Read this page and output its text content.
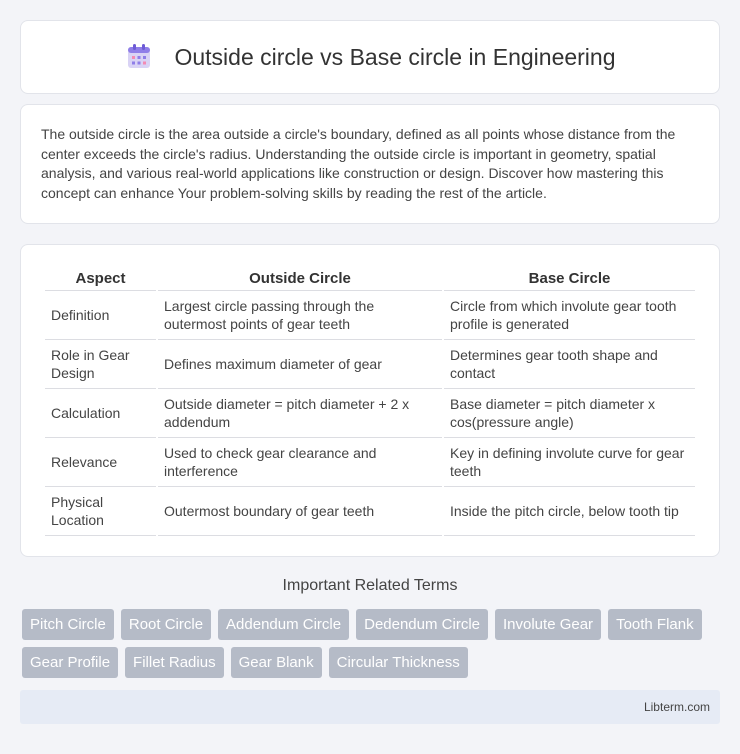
Outside circle vs Base circle in Engineering

The outside circle is the area outside a circle's boundary, defined as all points whose distance from the center exceeds the circle's radius. Understanding the outside circle is important in geometry, spatial analysis, and various real-world applications like construction or design. Discover how mastering this concept can enhance Your problem-solving skills by reading the rest of the article.

Aspect	Outside Circle	Base Circle
Definition	Largest circle passing through the outermost points of gear teeth	Circle from which involute gear tooth profile is generated
Role in Gear Design	Defines maximum diameter of gear	Determines gear tooth shape and contact
Calculation	Outside diameter = pitch diameter + 2 x addendum	Base diameter = pitch diameter x cos(pressure angle)
Relevance	Used to check gear clearance and interference	Key in defining involute curve for gear teeth
Physical Location	Outermost boundary of gear teeth	Inside the pitch circle, below tooth tip
Important Related Terms
Pitch Circle	Root Circle	Addendum Circle	Dedendum Circle	Involute Gear	Tooth Flank
Gear Profile	Fillet Radius	Gear Blank	Circular Thickness
Libterm.com
